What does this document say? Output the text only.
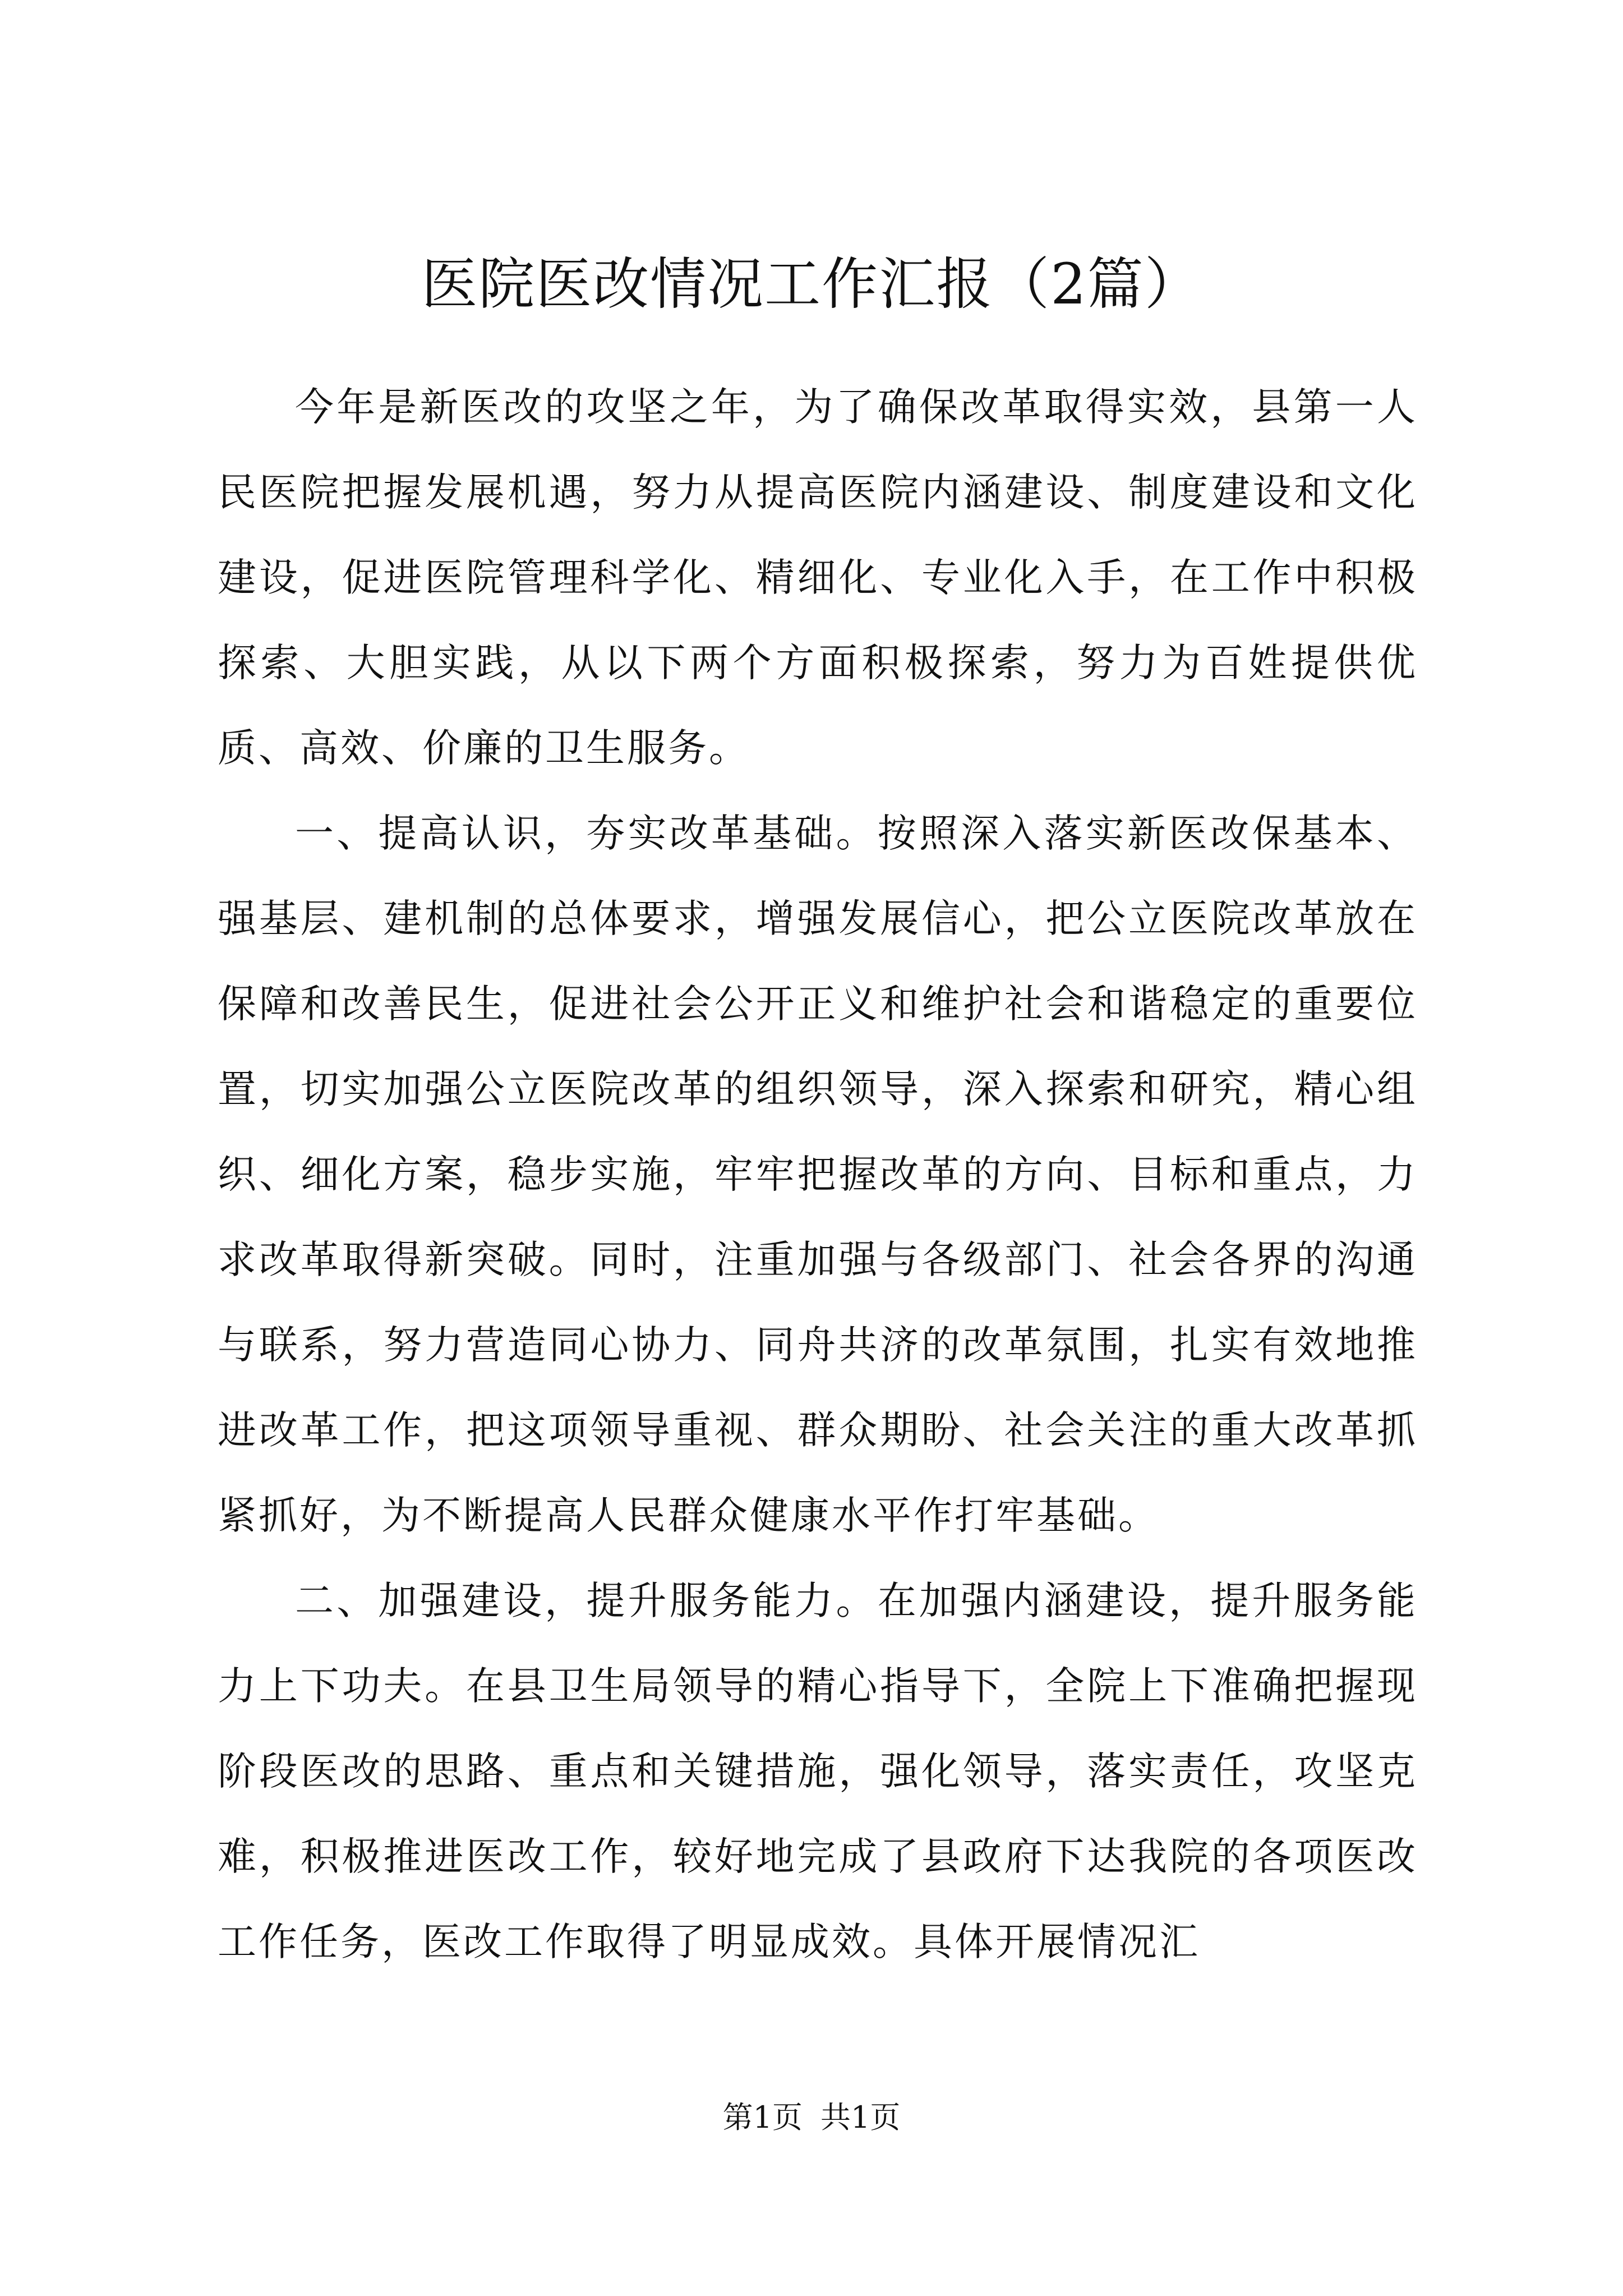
医院医改情况工作汇报（2篇）

今年是新医改的攻坚之年，为了确保改革取得实效，县第一人民医院把握发展机遇，努力从提高医院内涵建设、制度建设和文化建设，促进医院管理科学化、精细化、专业化入手，在工作中积极探索、大胆实践，从以下两个方面积极探索，努力为百姓提供优质、高效、价廉的卫生服务。

一、提高认识，夯实改革基础。按照深入落实新医改保基本、强基层、建机制的总体要求，增强发展信心，把公立医院改革放在保障和改善民生，促进社会公开正义和维护社会和谐稳定的重要位置，切实加强公立医院改革的组织领导，深入探索和研究，精心组织、细化方案，稳步实施，牢牢把握改革的方向、目标和重点，力求改革取得新突破。同时，注重加强与各级部门、社会各界的沟通与联系，努力营造同心协力、同舟共济的改革氛围，扎实有效地推进改革工作，把这项领导重视、群众期盼、社会关注的重大改革抓紧抓好，为不断提高人民群众健康水平作打牢基础。

二、加强建设，提升服务能力。在加强内涵建设，提升服务能力上下功夫。在县卫生局领导的精心指导下，全院上下准确把握现阶段医改的思路、重点和关键措施，强化领导，落实责任，攻坚克难，积极推进医改工作，较好地完成了县政府下达我院的各项医改工作任务，医改工作取得了明显成效。具体开展情况汇

第1页 共1页
